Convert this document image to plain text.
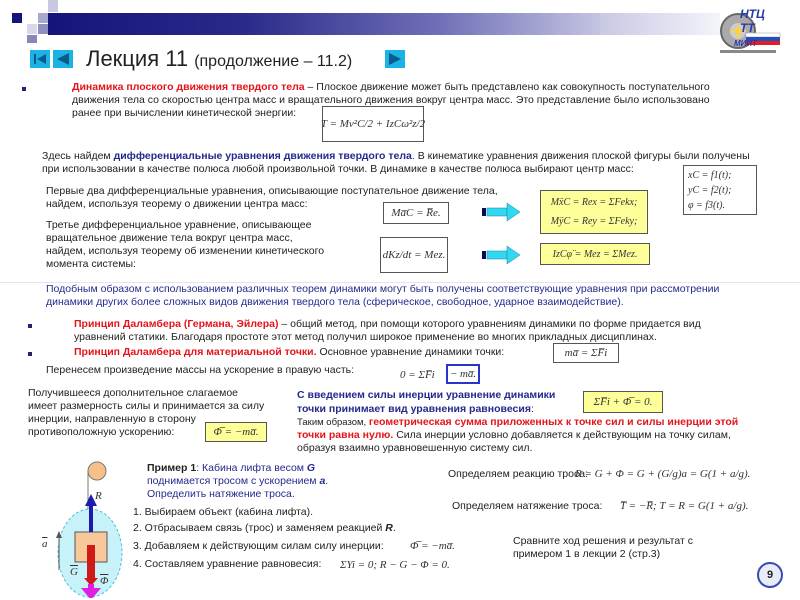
НТЦ ТТ
МИИТ
Лекция 11 (продолжение – 11.2)
Динамика плоского движения твердого тела – Плоское движение может быть представлено как совокупность поступательного
движения тела со скоростью центра масс и вращательного движения вокруг центра масс. Это представление было использовано
ранее при вычислении кинетической энергии:
T = Mv²C/2 + IzCω²z/2
Здесь найдем дифференциальные уравнения движения твердого тела. В кинематике уравнения движения плоской фигуры были получены
при использовании в качестве полюса любой произвольной точки. В динамике в качестве полюса выбирают центр масс:	xC = f1(t);
yC = f2(t);
φ = f3(t).
Первые два дифференциальные уравнения, описывающие поступательное движение тела,
найдем, используя теорему о движении центра масс:
Ma̅C = R̅e.
MẍC = Rex = ΣFekx;
MÿC = Rey = ΣFeky;
Третье дифференциальное уравнение, описывающее
вращательное движение тела вокруг центра масс,
найдем, используя теорему об изменении кинетического
момента системы:
dKz/dt = Mez.	IzCφ̈ = Mez = ΣMez.
Подобным образом с использованием различных теорем динамики могут быть получены соответствующие уравнения при рассмотрении
динамики других более сложных видов движения твердого тела (сферическое, свободное, ударное взаимодействие).
Принцип Даламбера (Германа, Эйлера) – общий метод, при помощи которого уравнениям динамики по форме придается вид
уравнений статики. Благодаря простоте этот метод получил широкое применение во многих прикладных дисциплинах.
Принцип Даламбера для материальной точки. Основное уравнение динамики точки:	ma̅ = ΣF̅i
Перенесем произведение массы на ускорение в правую часть:	0 = ΣF̅i	− ma̅.
Получившееся дополнительное слагаемое
имеет размерность силы и принимается за силу
инерции, направленную в сторону
противоположную ускорению:	Φ̅ = −ma̅.
С введением силы инерции уравнение динамики
точки принимает вид уравнения равновесия:
ΣF̅i + Φ̅ = 0.
Таким образом, геометрическая сумма приложенных к точке сил и силы инерции этой
точки равна нулю. Сила инерции условно добавляется к действующим на точку силам,
образуя взаимно уравновешенную систему сил.
R
$\overline{a}$
$\overline{G}$
$\overline{\Phi}$
Пример 1: Кабина лифта весом G
поднимается тросом с ускорением a.
Определить натяжение троса.
1. Выбираем объект (кабина лифта).
2. Отбрасываем связь (трос) и заменяем реакцией R.
3. Добавляем к действующим силам силу инерции: Φ̅ = −ma̅.
4. Составляем уравнение равновесия: ΣYi = 0; R − G − Φ = 0.
Определяем реакцию троса:
R = G + Φ = G + (G/g)a = G(1 + a/g).
Определяем натяжение троса: T̅ = −R̅; T = R = G(1 + a/g).
Сравните ход решения и результат с
примером 1 в лекции 2 (стр.3)
9
